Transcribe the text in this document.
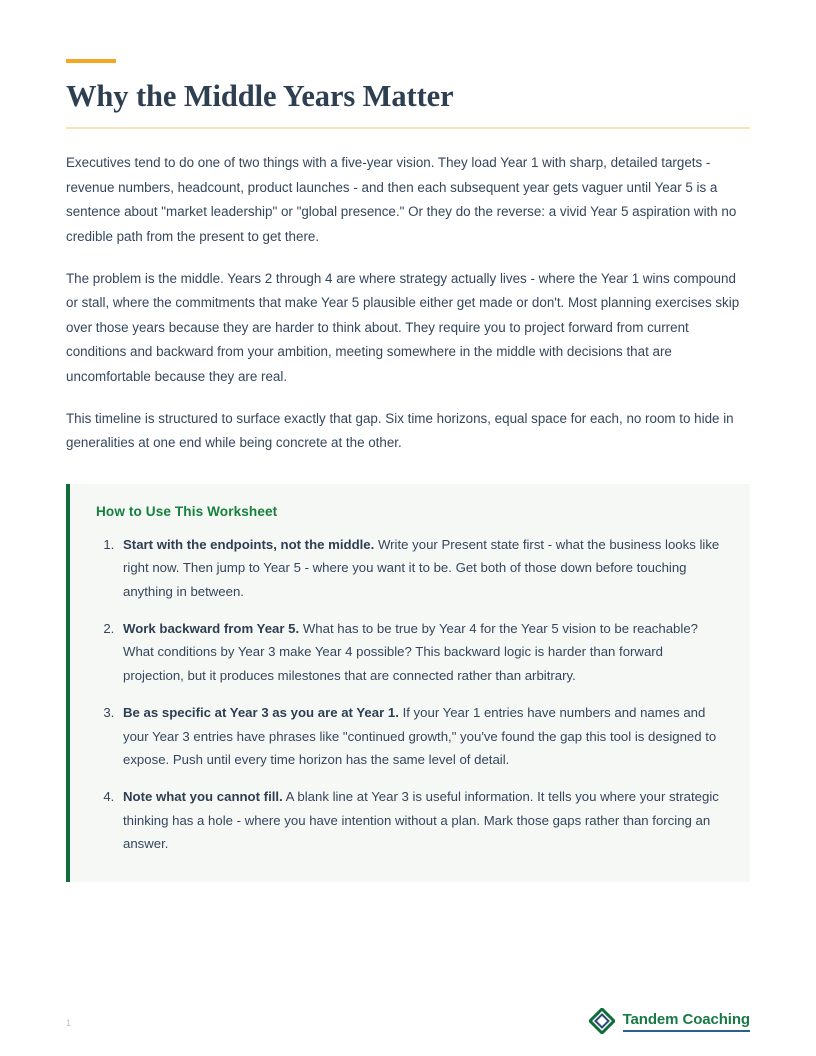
Why the Middle Years Matter

Executives tend to do one of two things with a five-year vision. They load Year 1 with sharp, detailed targets - revenue numbers, headcount, product launches - and then each subsequent year gets vaguer until Year 5 is a sentence about "market leadership" or "global presence." Or they do the reverse: a vivid Year 5 aspiration with no credible path from the present to get there.

The problem is the middle. Years 2 through 4 are where strategy actually lives - where the Year 1 wins compound or stall, where the commitments that make Year 5 plausible either get made or don't. Most planning exercises skip over those years because they are harder to think about. They require you to project forward from current conditions and backward from your ambition, meeting somewhere in the middle with decisions that are uncomfortable because they are real.

This timeline is structured to surface exactly that gap. Six time horizons, equal space for each, no room to hide in generalities at one end while being concrete at the other.

How to Use This Worksheet
1. Start with the endpoints, not the middle. Write your Present state first - what the business looks like right now. Then jump to Year 5 - where you want it to be. Get both of those down before touching anything in between.
2. Work backward from Year 5. What has to be true by Year 4 for the Year 5 vision to be reachable? What conditions by Year 3 make Year 4 possible? This backward logic is harder than forward projection, but it produces milestones that are connected rather than arbitrary.
3. Be as specific at Year 3 as you are at Year 1. If your Year 1 entries have numbers and names and your Year 3 entries have phrases like "continued growth," you've found the gap this tool is designed to expose. Push until every time horizon has the same level of detail.
4. Note what you cannot fill. A blank line at Year 3 is useful information. It tells you where your strategic thinking has a hole - where you have intention without a plan. Mark those gaps rather than forcing an answer.
1	Tandem Coaching
